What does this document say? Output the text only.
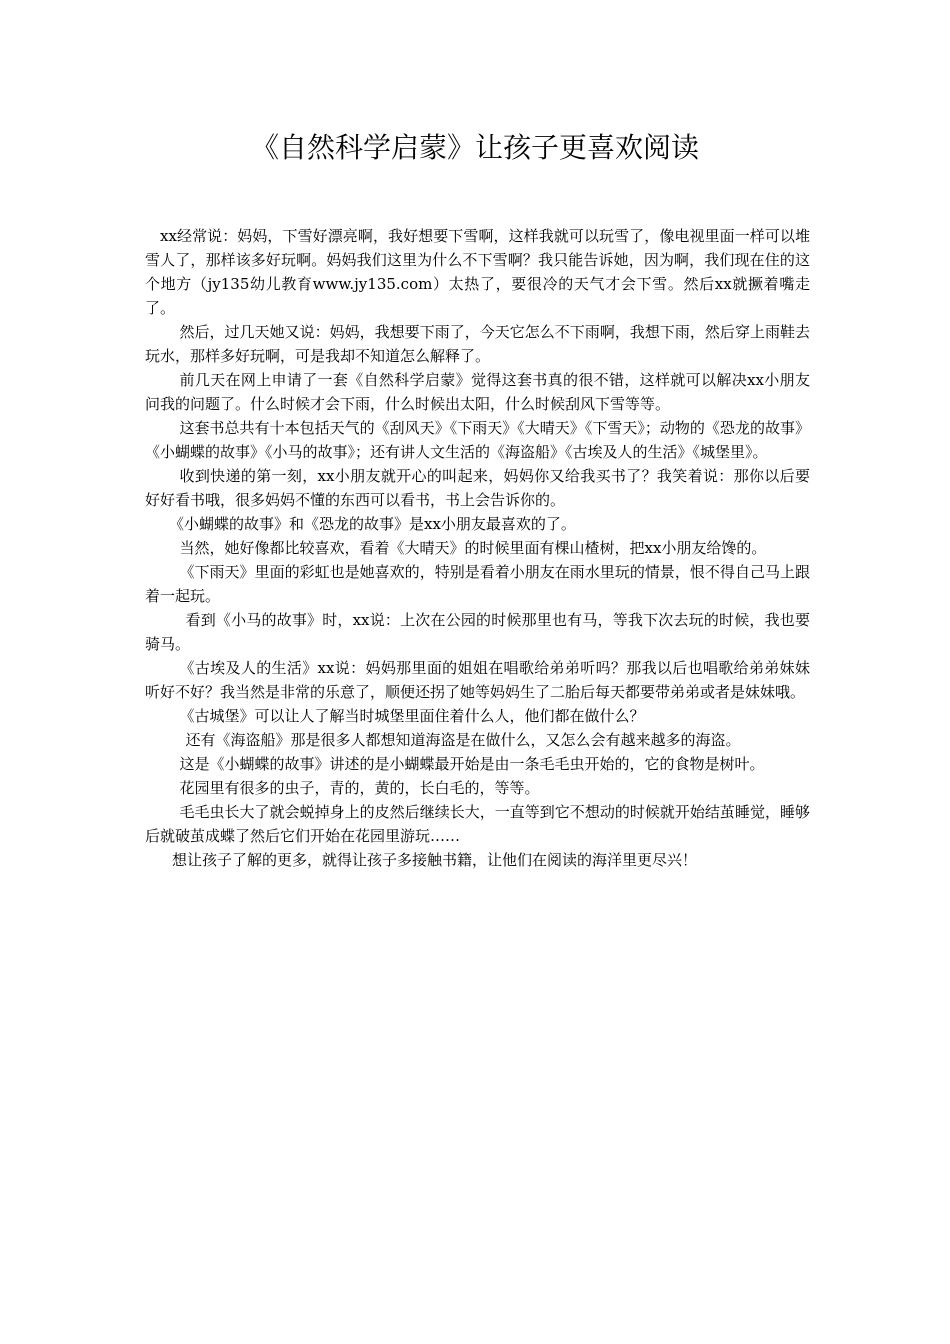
《自然科学启蒙》让孩子更喜欢阅读

xx经常说：妈妈，下雪好漂亮啊，我好想要下雪啊，这样我就可以玩雪了，像电视里面一样可以堆雪人了，那样该多好玩啊。妈妈我们这里为什么不下雪啊？我只能告诉她，因为啊，我们现在住的这个地方（jy135幼儿教育www.jy135.com）太热了，要很冷的天气才会下雪。然后xx就撅着嘴走了。

然后，过几天她又说：妈妈，我想要下雨了，今天它怎么不下雨啊，我想下雨，然后穿上雨鞋去玩水，那样多好玩啊，可是我却不知道怎么解释了。

前几天在网上申请了一套《自然科学启蒙》觉得这套书真的很不错，这样就可以解决xx小朋友问我的问题了。什么时候才会下雨，什么时候出太阳，什么时候刮风下雪等等。

这套书总共有十本包括天气的《刮风天》《下雨天》《大晴天》《下雪天》；动物的《恐龙的故事》《小蝴蝶的故事》《小马的故事》；还有讲人文生活的《海盗船》《古埃及人的生活》《城堡里》。

收到快递的第一刻，xx小朋友就开心的叫起来，妈妈你又给我买书了？我笑着说：那你以后要好好看书哦，很多妈妈不懂的东西可以看书，书上会告诉你的。

《小蝴蝶的故事》和《恐龙的故事》是xx小朋友最喜欢的了。

当然，她好像都比较喜欢，看着《大晴天》的时候里面有棵山楂树，把xx小朋友给馋的。

《下雨天》里面的彩虹也是她喜欢的，特别是看着小朋友在雨水里玩的情景，恨不得自己马上跟着一起玩。

看到《小马的故事》时，xx说：上次在公园的时候那里也有马，等我下次去玩的时候，我也要骑马。

《古埃及人的生活》xx说：妈妈那里面的姐姐在唱歌给弟弟听吗？那我以后也唱歌给弟弟妹妹听好不好？我当然是非常的乐意了，顺便还拐了她等妈妈生了二胎后每天都要带弟弟或者是妹妹哦。

《古城堡》可以让人了解当时城堡里面住着什么人，他们都在做什么？

还有《海盗船》那是很多人都想知道海盗是在做什么，又怎么会有越来越多的海盗。

这是《小蝴蝶的故事》讲述的是小蝴蝶最开始是由一条毛毛虫开始的，它的食物是树叶。

花园里有很多的虫子，青的，黄的，长白毛的，等等。

毛毛虫长大了就会蜕掉身上的皮然后继续长大，一直等到它不想动的时候就开始结茧睡觉，睡够后就破茧成蝶了然后它们开始在花园里游玩……

想让孩子了解的更多，就得让孩子多接触书籍，让他们在阅读的海洋里更尽兴！
